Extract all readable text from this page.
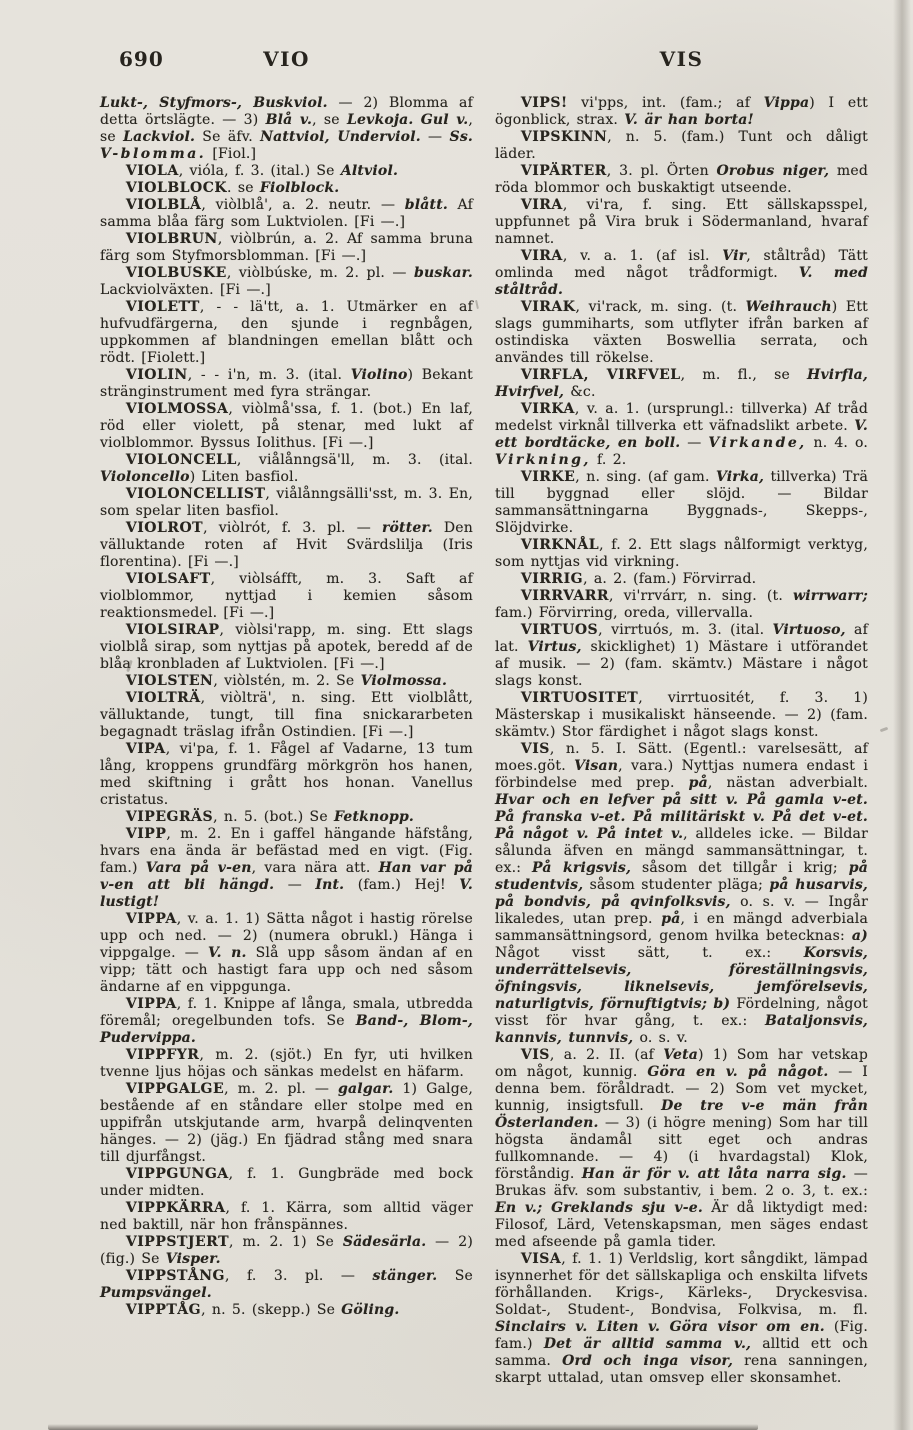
690	VIO	VIS

Lukt-, Styfmors-, Buskviol. — 2) Blomma af detta örtslägte. — 3) Blå v., se Levkoja. Gul v., se Lackviol. Se äfv. Nattviol, Underviol. — Ss. V-blomma. [Fiol.]

VIOLA, vióla, f. 3. (ital.) Se Altviol.

VIOLBLOCK. se Fiolblock.

VIOLBLÅ, viòlblå', a. 2. neutr. — blått. Af samma blåa färg som Luktviolen. [Fi —.]

VIOLBRUN, viòlbrún, a. 2. Af samma bruna färg som Styfmorsblomman. [Fi —.]

VIOLBUSKE, viòlbúske, m. 2. pl. — buskar. Lackviolväxten. [Fi —.]

VIOLETT, - - lä'tt, a. 1. Utmärker en af hufvudfärgerna, den sjunde i regnbågen, uppkommen af blandningen emellan blått och rödt. [Fiolett.]

VIOLIN, - - i'n, m. 3. (ital. Violino) Bekant stränginstrument med fyra strängar.

VIOLMOSSA, viòlmå'ssa, f. 1. (bot.) En laf, röd eller violett, på stenar, med lukt af violblommor. Byssus Iolithus. [Fi —.]

VIOLONCELL, viålånngsä'll, m. 3. (ital. Violoncello) Liten basfiol.

VIOLONCELLIST, viålånngsälli'sst, m. 3. En, som spelar liten basfiol.

VIOLROT, viòlrót, f. 3. pl. — rötter. Den välluktande roten af Hvit Svärdslilja (Iris florentina). [Fi —.]

VIOLSAFT, viòlsáfft, m. 3. Saft af violblommor, nyttjad i kemien såsom reaktionsmedel. [Fi —.]

VIOLSIRAP, viòlsi'rapp, m. sing. Ett slags violblå sirap, som nyttjas på apotek, beredd af de blåa kronbladen af Luktviolen. [Fi —.]

VIOLSTEN, viòlstén, m. 2. Se Violmossa.

VIOLTRÄ, viòlträ', n. sing. Ett violblått, välluktande, tungt, till fina snickararbeten begagnadt träslag ifrån Ostindien. [Fi —.]

VIPA, vi'pa, f. 1. Fågel af Vadarne, 13 tum lång, kroppens grundfärg mörkgrön hos hanen, med skiftning i grått hos honan. Vanellus cristatus.

VIPEGRÄS, n. 5. (bot.) Se Fetknopp.

VIPP, m. 2. En i gaffel hängande häfstång, hvars ena ända är befästad med en vigt. (Fig. fam.) Vara på v-en, vara nära att. Han var på v-en att bli hängd. — Int. (fam.) Hej! V. lustigt!

VIPPA, v. a. 1. 1) Sätta något i hastig rörelse upp och ned. — 2) (numera obrukl.) Hänga i vippgalge. — V. n. Slå upp såsom ändan af en vipp; tätt och hastigt fara upp och ned såsom ändarne af en vippgunga.

VIPPA, f. 1. Knippe af långa, smala, utbredda föremål; oregelbunden tofs. Se Band-, Blom-, Pudervippa.

VIPPFYR, m. 2. (sjöt.) En fyr, uti hvilken tvenne ljus höjas och sänkas medelst en häfarm.

VIPPGALGE, m. 2. pl. — galgar. 1) Galge, bestående af en ståndare eller stolpe med en uppifrån utskjutande arm, hvarpå delinqventen hänges. — 2) (jäg.) En fjädrad stång med snara till djurfångst.

VIPPGUNGA, f. 1. Gungbräde med bock under midten.

VIPPKÄRRA, f. 1. Kärra, som alltid väger ned baktill, när hon frånspännes.

VIPPSTJERT, m. 2. 1) Se Sädesärla. — 2) (fig.) Se Visper.

VIPPSTÅNG, f. 3. pl. — stänger. Se Pumpsvängel.

VIPPTÅG, n. 5. (skepp.) Se Göling.

VIPS! vi'pps, int. (fam.; af Vippa) I ett ögonblick, strax. V. är han borta!

VIPSKINN, n. 5. (fam.) Tunt och dåligt läder.

VIPÄRTER, 3. pl. Örten Orobus niger, med röda blommor och buskaktigt utseende.

VIRA, vi'ra, f. sing. Ett sällskapsspel, uppfunnet på Vira bruk i Södermanland, hvaraf namnet.

VIRA, v. a. 1. (af isl. Vir, ståltråd) Tätt omlinda med något trådformigt. V. med ståltråd.

VIRAK, vi'rack, m. sing. (t. Weihrauch) Ett slags gummiharts, som utflyter ifrån barken af ostindiska växten Boswellia serrata, och användes till rökelse.

VIRFLA, VIRFVEL, m. fl., se Hvirfla, Hvirfvel, &c.

VIRKA, v. a. 1. (ursprungl.: tillverka) Af tråd medelst virknål tillverka ett väfnadslikt arbete. V. ett bordtäcke, en boll. — Virkande, n. 4. o. Virkning, f. 2.

VIRKE, n. sing. (af gam. Virka, tillverka) Trä till byggnad eller slöjd. — Bildar sammansättningarna Byggnads-, Skepps-, Slöjdvirke.

VIRKNÅL, f. 2. Ett slags nålformigt verktyg, som nyttjas vid virkning.

VIRRIG, a. 2. (fam.) Förvirrad.

VIRRVARR, vi'rrvárr, n. sing. (t. wirrwarr; fam.) Förvirring, oreda, villervalla.

VIRTUOS, virrtuós, m. 3. (ital. Virtuoso, af lat. Virtus, skicklighet) 1) Mästare i utförandet af musik. — 2) (fam. skämtv.) Mästare i något slags konst.

VIRTUOSITET, virrtuositét, f. 3. 1) Mästerskap i musikaliskt hänseende. — 2) (fam. skämtv.) Stor färdighet i något slags konst.

VIS, n. 5. I. Sätt. (Egentl.: varelsesätt, af moes.göt. Visan, vara.) Nyttjas numera endast i förbindelse med prep. på, nästan adverbialt. Hvar och en lefver på sitt v. På gamla v-et. På franska v-et. På militäriskt v. På det v-et. På något v. På intet v., alldeles icke. — Bildar sålunda äfven en mängd sammansättningar, t. ex.: På krigsvis, såsom det tillgår i krig; på studentvis, såsom studenter pläga; på husarvis, på bondvis, på qvinfolksvis, o. s. v. — Ingår likaledes, utan prep. på, i en mängd adverbiala sammansättningsord, genom hvilka betecknas: a) Något visst sätt, t. ex.: Korsvis, underrättelsevis, föreställningsvis, öfningsvis, liknelsevis, jemförelsevis, naturligtvis, förnuftigtvis; b) Fördelning, något visst för hvar gång, t. ex.: Bataljonsvis, kannvis, tunnvis, o. s. v.

VIS, a. 2. II. (af Veta) 1) Som har vetskap om något, kunnig. Göra en v. på något. — I denna bem. föråldradt. — 2) Som vet mycket, kunnig, insigtsfull. De tre v-e män från Österlanden. — 3) (i högre mening) Som har till högsta ändamål sitt eget och andras fullkomnande. — 4) (i hvardagstal) Klok, förståndig. Han är för v. att låta narra sig. — Brukas äfv. som substantiv, i bem. 2 o. 3, t. ex.: En v.; Greklands sju v-e. Är då liktydigt med: Filosof, Lärd, Vetenskapsman, men säges endast med afseende på gamla tider.

VISA, f. 1. 1) Verldslig, kort sångdikt, lämpad isynnerhet för det sällskapliga och enskilta lifvets förhållanden. Krigs-, Kärleks-, Dryckesvisa. Soldat-, Student-, Bondvisa, Folkvisa, m. fl. Sinclairs v. Liten v. Göra visor om en. (Fig. fam.) Det är alltid samma v., alltid ett och samma. Ord och inga visor, rena sanningen, skarpt uttalad, utan omsvep eller skonsamhet.
